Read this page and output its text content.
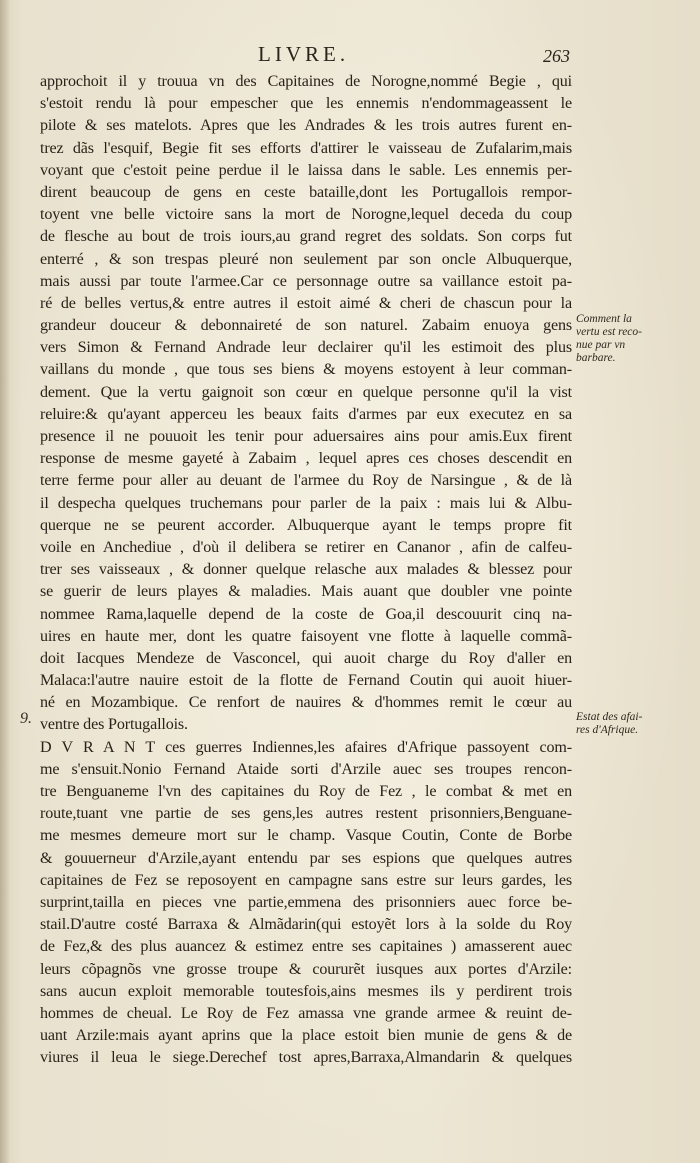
LIVRE.	263
9.
approchoit il y trouua vn des Capitaines de Norogne,nommé Begie , qui
s'estoit rendu là pour empescher que les ennemis n'endommageassent le
pilote & ses matelots. Apres que les Andrades & les trois autres furent en-
trez dãs l'esquif, Begie fit ses efforts d'attirer le vaisseau de Zufalarim,mais
voyant que c'estoit peine perdue il le laissa dans le sable. Les ennemis per-
dirent beaucoup de gens en ceste bataille,dont les Portugallois rempor-
toyent vne belle victoire sans la mort de Norogne,lequel deceda du coup
de flesche au bout de trois iours,au grand regret des soldats. Son corps fut
enterré , & son trespas pleuré non seulement par son oncle Albuquerque,
mais aussi par toute l'armee.Car ce personnage outre sa vaillance estoit pa-
ré de belles vertus,& entre autres il estoit aimé & cheri de chascun pour la
grandeur douceur & debonnaireté de son naturel. Zabaim enuoya gens
vers Simon & Fernand Andrade leur declairer qu'il les estimoit des plus
vaillans du monde , que tous ses biens & moyens estoyent à leur comman-
dement. Que la vertu gaignoit son cœur en quelque personne qu'il la vist
reluire:& qu'ayant apperceu les beaux faits d'armes par eux executez en sa
presence il ne pouuoit les tenir pour aduersaires ains pour amis.Eux firent
response de mesme gayeté à Zabaim , lequel apres ces choses descendit en
terre ferme pour aller au deuant de l'armee du Roy de Narsingue , & de là
il despecha quelques truchemans pour parler de la paix : mais lui & Albu-
querque ne se peurent accorder. Albuquerque ayant le temps propre fit
voile en Anchediue , d'où il delibera se retirer en Cananor , afin de calfeu-
trer ses vaisseaux , & donner quelque relasche aux malades & blessez pour
se guerir de leurs playes & maladies. Mais auant que doubler vne pointe
nommee Rama,laquelle depend de la coste de Goa,il descouurit cinq na-
uires en haute mer, dont les quatre faisoyent vne flotte à laquelle commã-
doit Iacques Mendeze de Vasconcel, qui auoit charge du Roy d'aller en
Malaca:l'autre nauire estoit de la flotte de Fernand Coutin qui auoit hiuer-
né en Mozambique. Ce renfort de nauires & d'hommes remit le cœur au
ventre des Portugallois.
D V R A N T ces guerres Indiennes,les afaires d'Afrique passoyent com-
me s'ensuit.Nonio Fernand Ataide sorti d'Arzile auec ses troupes rencon-
tre Benguaneme l'vn des capitaines du Roy de Fez , le combat & met en
route,tuant vne partie de ses gens,les autres restent prisonniers,Benguane-
me mesmes demeure mort sur le champ. Vasque Coutin, Conte de Borbe
& gouuerneur d'Arzile,ayant entendu par ses espions que quelques autres
capitaines de Fez se reposoyent en campagne sans estre sur leurs gardes, les
surprint,tailla en pieces vne partie,emmena des prisonniers auec force be-
stail.D'autre costé Barraxa & Almãdarin(qui estoyẽt lors à la solde du Roy
de Fez,& des plus auancez & estimez entre ses capitaines ) amasserent auec
leurs cõpagnõs vne grosse troupe & coururẽt iusques aux portes d'Arzile:
sans aucun exploit memorable toutesfois,ains mesmes ils y perdirent trois
hommes de cheual. Le Roy de Fez amassa vne grande armee & reuint de-
uant Arzile:mais ayant aprins que la place estoit bien munie de gens & de
viures il leua le siege.Derechef tost apres,Barraxa,Almandarin & quelques
Comment la
vertu est reco-
nue par vn
barbare.
Estat des afai-
res d'Afrique.
